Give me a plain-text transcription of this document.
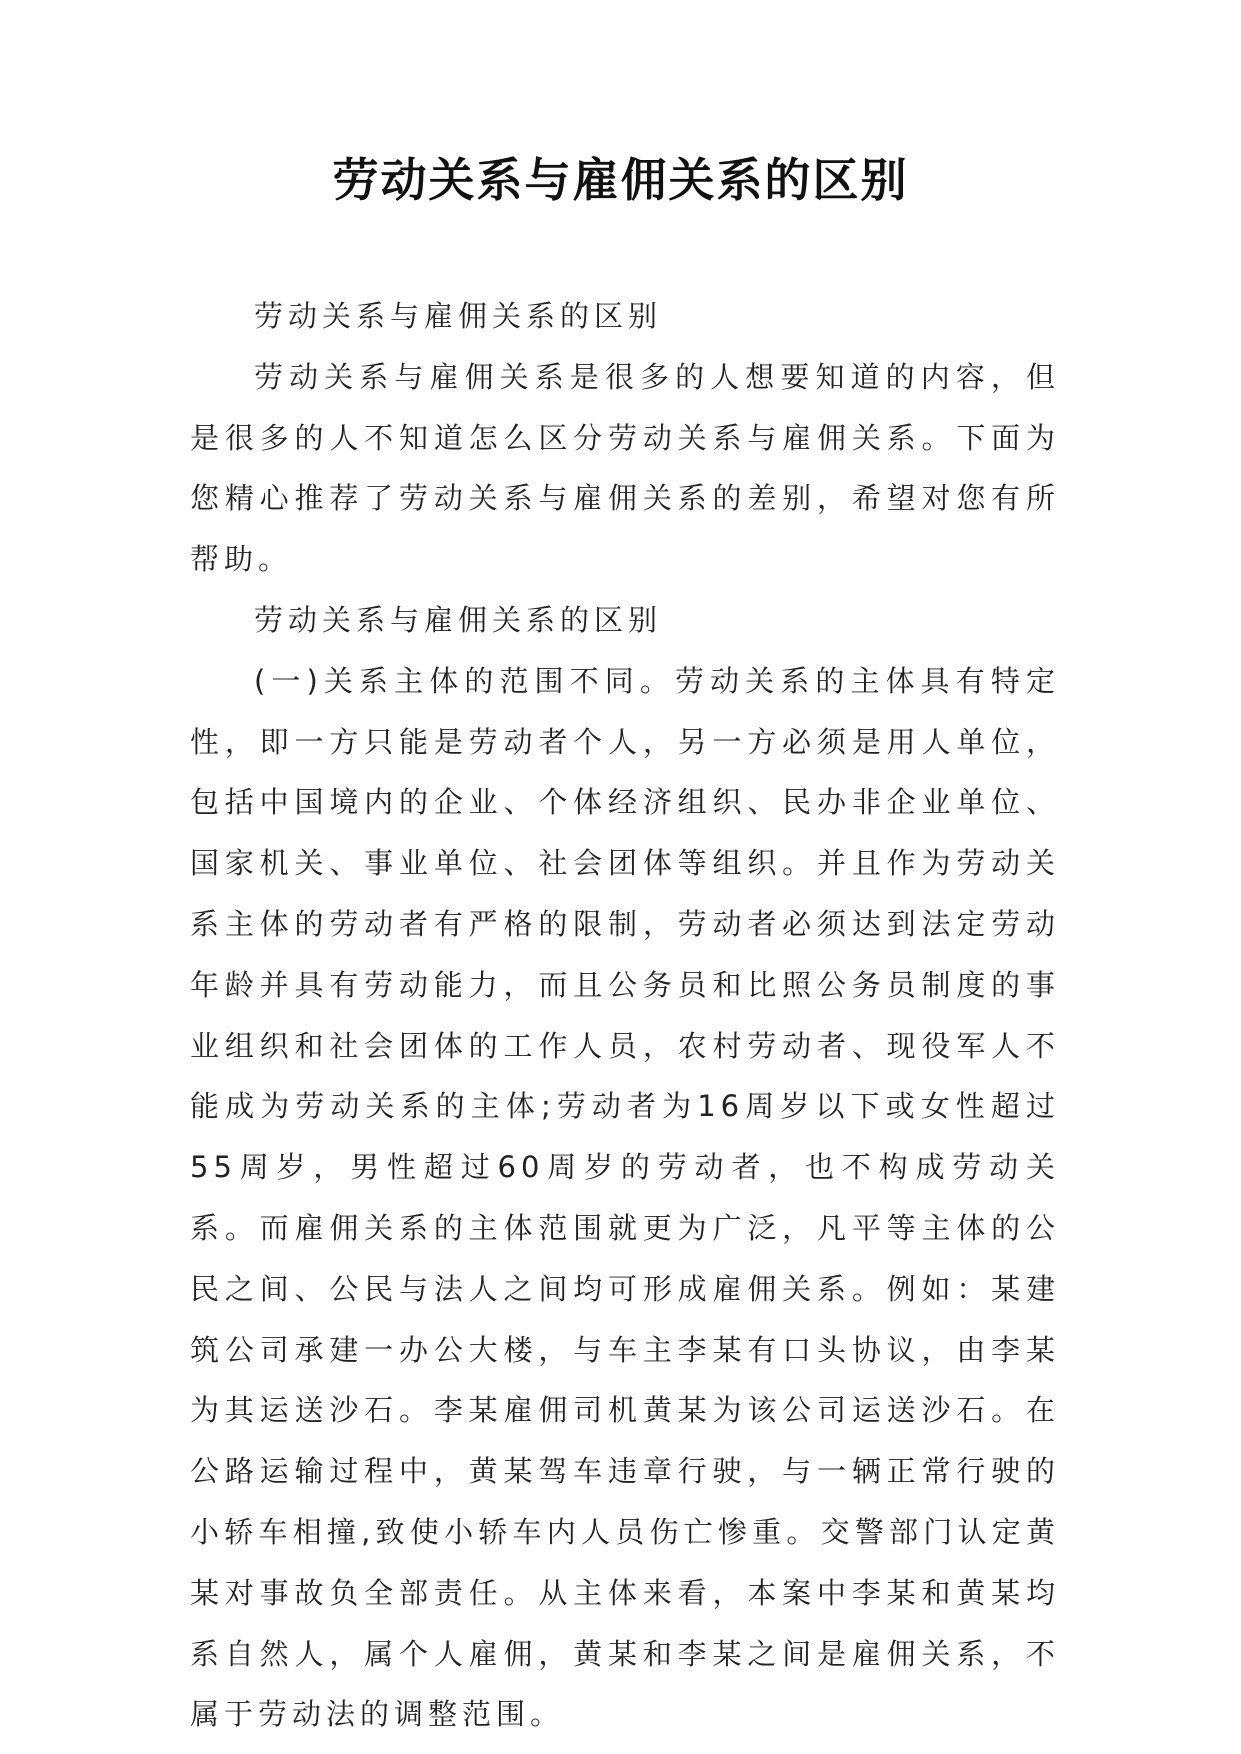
劳动关系与雇佣关系的区别

劳动关系与雇佣关系的区别

劳动关系与雇佣关系是很多的人想要知道的内容，但是很多的人不知道怎么区分劳动关系与雇佣关系。下面为您精心推荐了劳动关系与雇佣关系的差别，希望对您有所帮助。

劳动关系与雇佣关系的区别

(一)关系主体的范围不同。劳动关系的主体具有特定性，即一方只能是劳动者个人，另一方必须是用人单位，包括中国境内的企业、个体经济组织、民办非企业单位、国家机关、事业单位、社会团体等组织。并且作为劳动关系主体的劳动者有严格的限制，劳动者必须达到法定劳动年龄并具有劳动能力，而且公务员和比照公务员制度的事业组织和社会团体的工作人员，农村劳动者、现役军人不能成为劳动关系的主体;劳动者为16周岁以下或女性超过55周岁，男性超过60周岁的劳动者，也不构成劳动关系。而雇佣关系的主体范围就更为广泛，凡平等主体的公民之间、公民与法人之间均可形成雇佣关系。例如：某建筑公司承建一办公大楼，与车主李某有口头协议，由李某为其运送沙石。李某雇佣司机黄某为该公司运送沙石。在公路运输过程中，黄某驾车违章行驶，与一辆正常行驶的小轿车相撞,致使小轿车内人员伤亡惨重。交警部门认定黄某对事故负全部责任。从主体来看，本案中李某和黄某均系自然人，属个人雇佣，黄某和李某之间是雇佣关系，不属于劳动法的调整范围。
